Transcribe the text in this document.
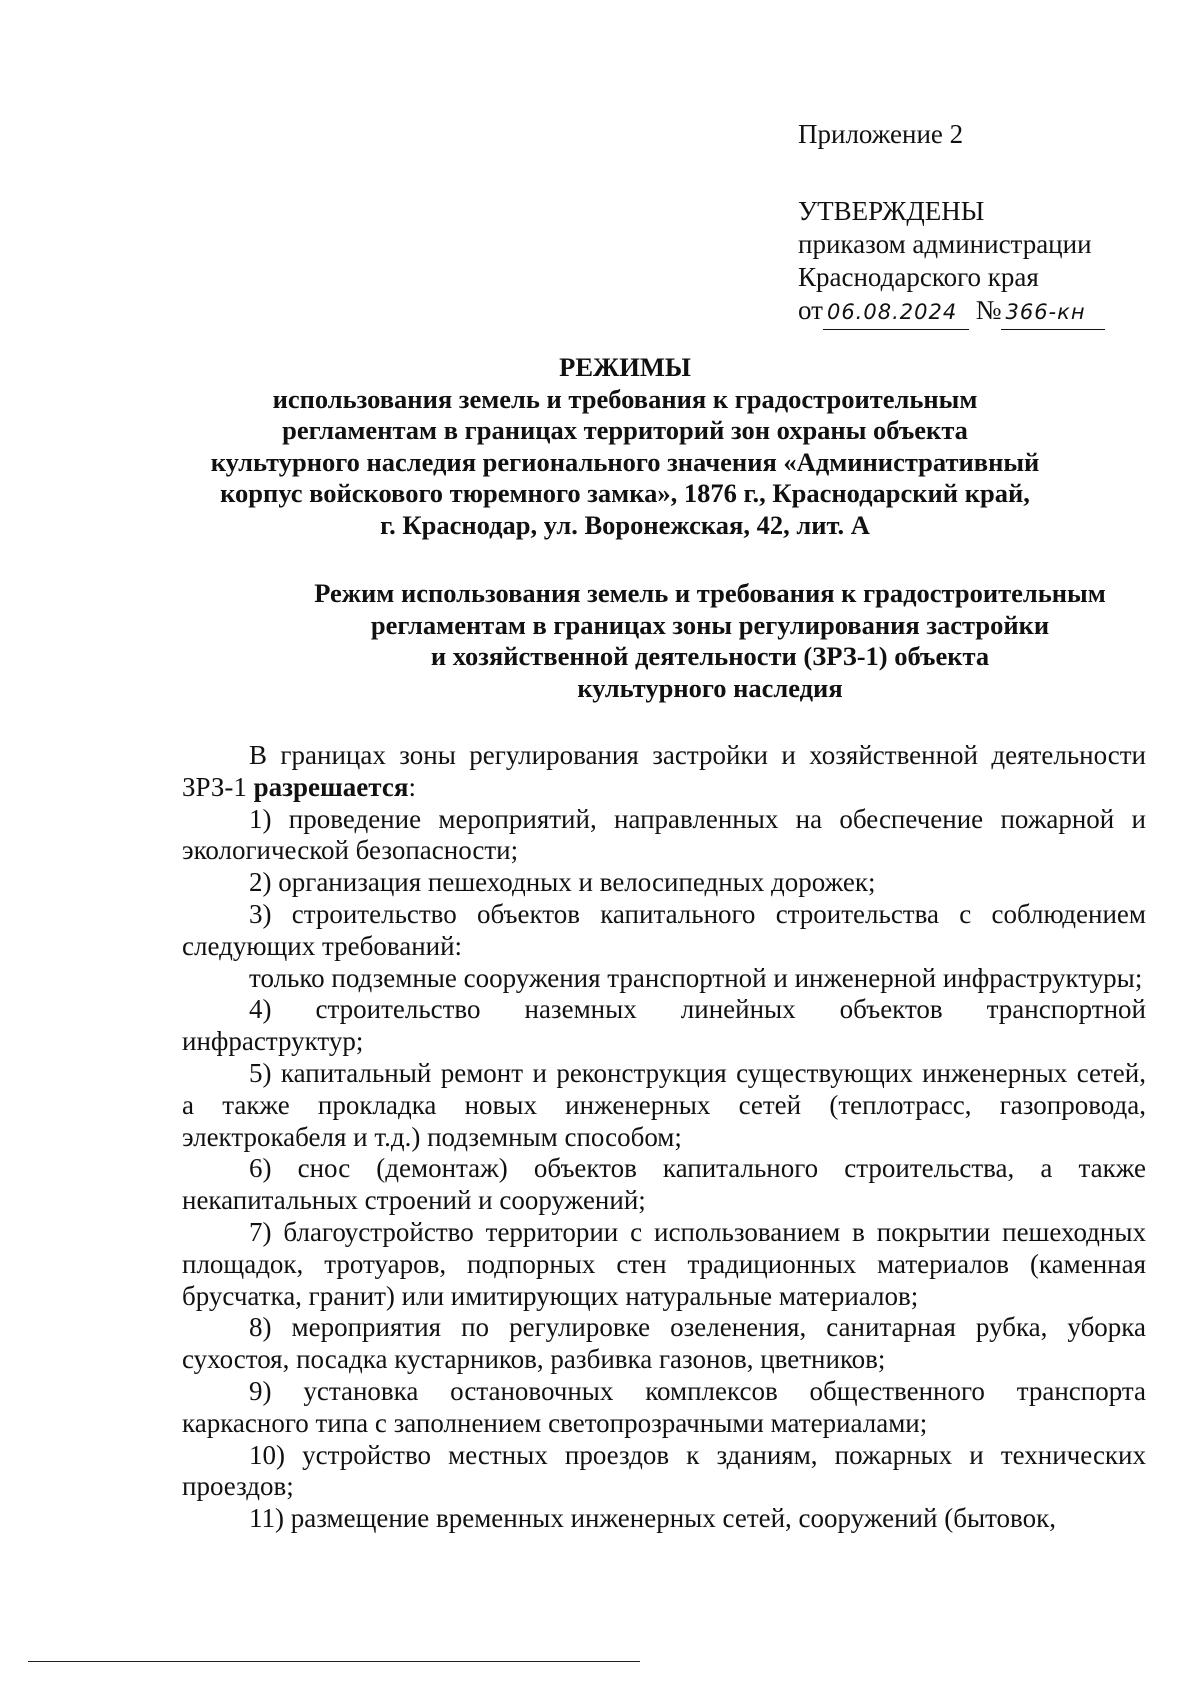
Приложение 2
УТВЕРЖДЕНЫ
приказом администрации
Краснодарского края
от 06.08.2024 № 366-кн
РЕЖИМЫ
использования земель и требования к градостроительным
регламентам в границах территорий зон охраны объекта
культурного наследия регионального значения «Административный
корпус войскового тюремного замка», 1876 г., Краснодарский край,
г. Краснодар, ул. Воронежская, 42, лит. А
Режим использования земель и требования к градостроительным
регламентам в границах зоны регулирования застройки
и хозяйственной деятельности (ЗРЗ-1) объекта
культурного наследия

В границах зоны регулирования застройки и хозяйственной деятельности ЗРЗ-1 разрешается:

1) проведение мероприятий, направленных на обеспечение пожарной и экологической безопасности;

2) организация пешеходных и велосипедных дорожек;

3) строительство объектов капитального строительства с соблюдением следующих требований:

только подземные сооружения транспортной и инженерной инфраструктуры;

4) строительство наземных линейных объектов транспортной инфраструктур;

5) капитальный ремонт и реконструкция существующих инженерных сетей, а также прокладка новых инженерных сетей (теплотрасс, газопровода, электрокабеля и т.д.) подземным способом;

6) снос (демонтаж) объектов капитального строительства, а также некапитальных строений и сооружений;

7) благоустройство территории с использованием в покрытии пешеходных площадок, тротуаров, подпорных стен традиционных материалов (каменная брусчатка, гранит) или имитирующих натуральные материалов;

8) мероприятия по регулировке озеленения, санитарная рубка, уборка сухостоя, посадка кустарников, разбивка газонов, цветников;

9) установка остановочных комплексов общественного транспорта каркасного типа с заполнением светопрозрачными материалами;

10) устройство местных проездов к зданиям, пожарных и технических проездов;

11) размещение временных инженерных сетей, сооружений (бытовок,
